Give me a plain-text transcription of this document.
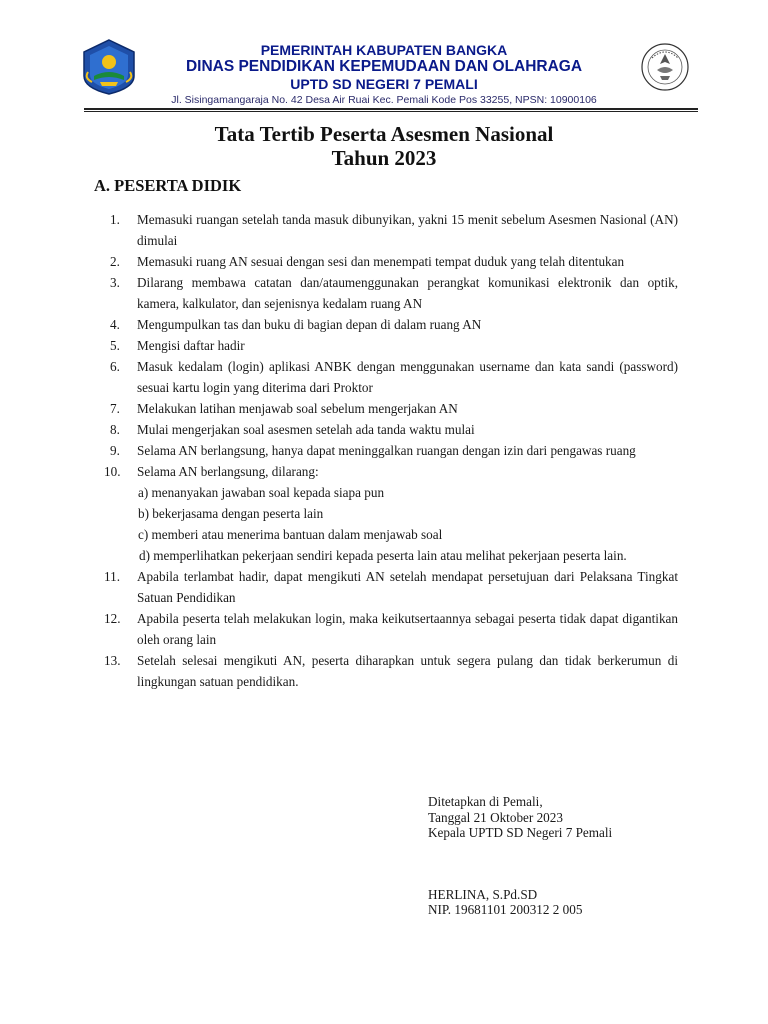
PEMERINTAH KABUPATEN BANGKA
DINAS PENDIDIKAN KEPEMUDAAN DAN OLAHRAGA
UPTD SD NEGERI 7 PEMALI
Jl. Sisingamangaraja No. 42 Desa Air Ruai Kec. Pemali Kode Pos 33255, NPSN: 10900106
Tata Tertib Peserta Asesmen Nasional
Tahun 2023
A. PESERTA DIDIK
1.	Memasuki ruangan setelah tanda masuk dibunyikan, yakni 15 menit sebelum Asesmen Nasional (AN) dimulai
2.	Memasuki ruang AN sesuai dengan sesi dan menempati tempat duduk yang telah ditentukan
3.	Dilarang membawa catatan dan/ataumenggunakan perangkat komunikasi elektronik dan optik, kamera, kalkulator, dan sejenisnya kedalam ruang AN
4.	Mengumpulkan tas dan buku di bagian depan di dalam ruang AN
5.	Mengisi daftar hadir
6.	Masuk kedalam (login) aplikasi ANBK dengan menggunakan username dan kata sandi (password) sesuai kartu login yang diterima dari Proktor
7.	Melakukan latihan menjawab soal sebelum mengerjakan AN
8.	Mulai mengerjakan soal asesmen setelah ada tanda waktu mulai
9.	Selama AN berlangsung, hanya dapat meninggalkan ruangan dengan izin dari pengawas ruang
10.	Selama AN berlangsung, dilarang:
a) menanyakan jawaban soal kepada siapa pun
b) bekerjasama dengan peserta lain
c) memberi atau menerima bantuan dalam menjawab soal
d) memperlihatkan pekerjaan sendiri kepada peserta lain atau melihat pekerjaan peserta lain.
11.	Apabila terlambat hadir, dapat mengikuti AN setelah mendapat persetujuan dari Pelaksana Tingkat Satuan Pendidikan
12.	Apabila peserta telah melakukan login, maka keikutsertaannya sebagai peserta tidak dapat digantikan oleh orang lain
13.	Setelah selesai mengikuti AN, peserta diharapkan untuk segera pulang dan tidak berkerumun di lingkungan satuan pendidikan.
Ditetapkan di Pemali,
Tanggal 21 Oktober 2023
Kepala UPTD SD Negeri 7 Pemali
HERLINA, S.Pd.SD
NIP. 19681101 200312 2 005
